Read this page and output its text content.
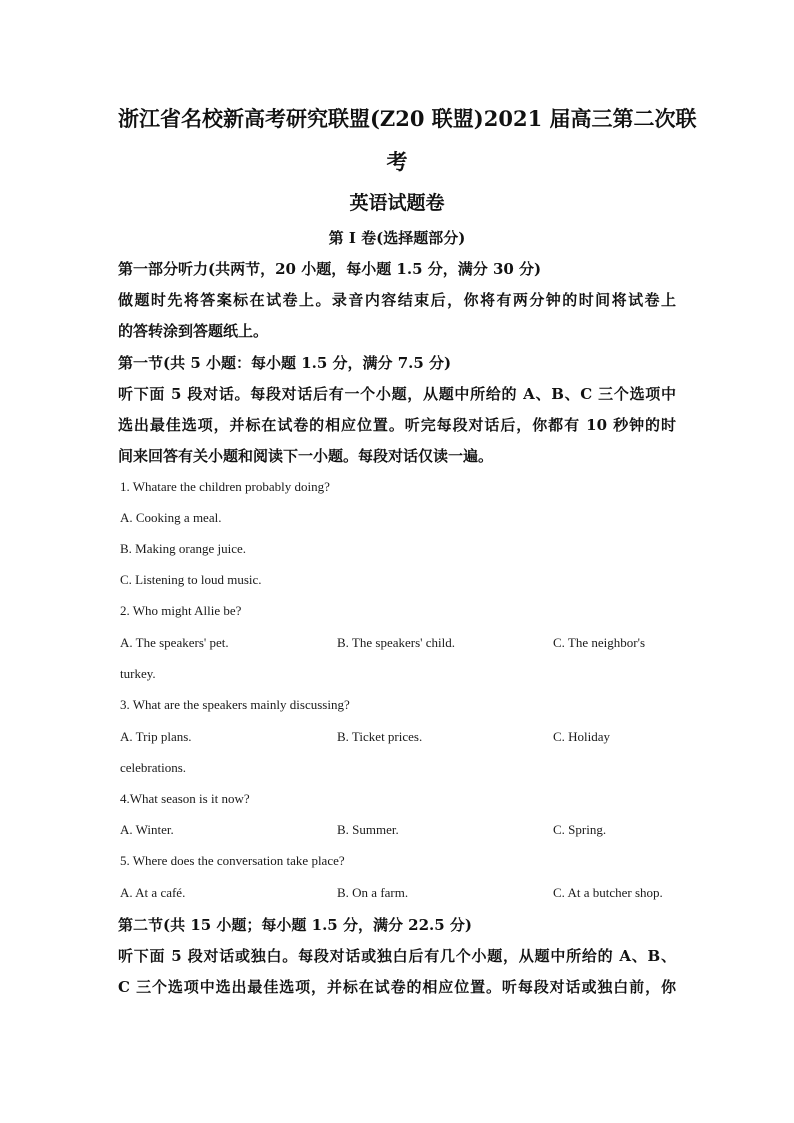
浙江省名校新高考研究联盟(Z20 联盟)2021 届高三第二次联
考
英语试题卷
第 I 卷(选择题部分)
第一部分听力(共两节，20 小题，每小题 1.5 分，满分 30 分)
做题时先将答案标在试卷上。录音内容结束后，你将有两分钟的时间将试卷上
的答转涂到答题纸上。
第一节(共 5 小题：每小题 1.5 分，满分 7.5 分)
听下面 5 段对话。每段对话后有一个小题，从题中所给的 A、B、C 三个选项中
选出最佳选项，并标在试卷的相应位置。听完每段对话后，你都有 10 秒钟的时
间来回答有关小题和阅读下一小题。每段对话仅读一遍。
1. Whatare the children probably doing?
A. Cooking a meal.
B. Making orange juice.
C. Listening to loud music.
2. Who might Allie be?
A. The speakers' pet.	B. The speakers' child.	C. The neighbor's
turkey.
3. What are the speakers mainly discussing?
A. Trip plans.	B. Ticket prices.	C. Holiday
celebrations.
4.What season is it now?
A. Winter.	B. Summer.	C. Spring.
5. Where does the conversation take place?
A. At a café.	B. On a farm.	C. At a butcher shop.
第二节(共 15 小题；每小题 1.5 分，满分 22.5 分)
听下面 5 段对话或独白。每段对话或独白后有几个小题，从题中所给的 A、B、
C 三个选项中选出最佳选项，并标在试卷的相应位置。听每段对话或独白前，你
